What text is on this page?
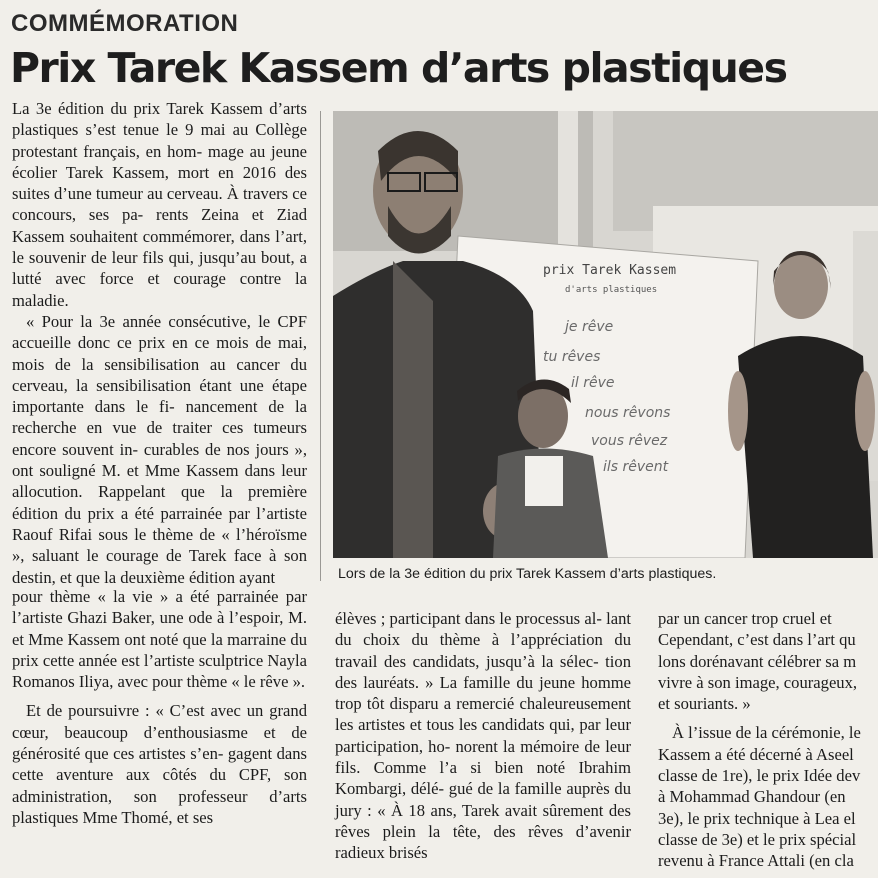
COMMÉMORATION
Prix Tarek Kassem d’arts plastiques

La 3e édition du prix Tarek Kassem d’arts plastiques s’est tenue le 9 mai au Collège protestant français, en hom- mage au jeune écolier Tarek Kassem, mort en 2016 des suites d’une tumeur au cerveau. À travers ce concours, ses pa- rents Zeina et Ziad Kassem souhaitent commémorer, dans l’art, le souvenir de leur fils qui, jusqu’au bout, a lutté avec force et courage contre la maladie.

« Pour la 3e année consécutive, le CPF accueille donc ce prix en ce mois de mai, mois de la sensibilisation au cancer du cerveau, la sensibilisation étant une étape importante dans le fi- nancement de la recherche en vue de traiter ces tumeurs encore souvent in- curables de nos jours », ont souligné M. et Mme Kassem dans leur allocution. Rappelant que la première édition du prix a été parrainée par l’artiste Raouf Rifai sous le thème de « l’héroïsme », saluant le courage de Tarek face à son destin, et que la deuxième édition ayant

pour thème « la vie » a été parrainée par l’artiste Ghazi Baker, une ode à l’espoir, M. et Mme Kassem ont noté que la marraine du prix cette année est l’artiste sculptrice Nayla Romanos Iliya, avec pour thème « le rêve ».

Et de poursuivre : « C’est avec un grand cœur, beaucoup d’enthousiasme et de générosité que ces artistes s’en- gagent dans cette aventure aux côtés du CPF, son administration, son professeur d’arts plastiques Mme Thomé, et ses

prix Tarek Kassem
d'arts plastiques
je rêve
tu rêves
il rêve
nous rêvons
vous rêvez
ils rêvent
Lors de la 3e édition du prix Tarek Kassem d’arts plastiques.

élèves ; participant dans le processus al- lant du choix du thème à l’appréciation du travail des candidats, jusqu’à la sélec- tion des lauréats. » La famille du jeune homme trop tôt disparu a remercié chaleureusement les artistes et tous les candidats qui, par leur participation, ho- norent la mémoire de leur fils. Comme l’a si bien noté Ibrahim Kombargi, délé- gué de la famille auprès du jury : « À 18 ans, Tarek avait sûrement des rêves plein la tête, des rêves d’avenir radieux brisés

par un cancer trop cruel et

Cependant, c’est dans l’art qu

lons dorénavant célébrer sa m

vivre à son image, courageux,

et souriants. »

À l’issue de la cérémonie, le

Kassem a été décerné à Aseel

classe de 1re), le prix Idée dev

à Mohammad Ghandour (en

3e), le prix technique à Lea el

classe de 3e) et le prix spécial

revenu à France Attali (en cla
